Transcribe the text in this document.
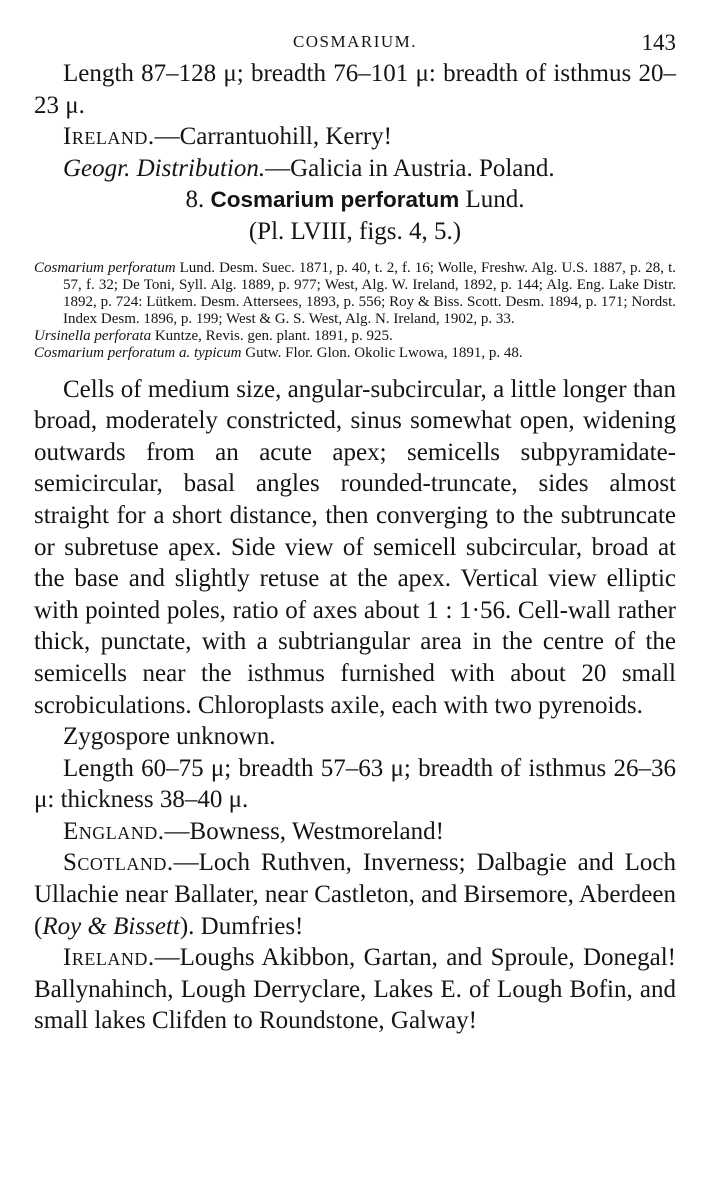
COSMARIUM.	143

Length 87–128 μ; breadth 76–101 μ: breadth of isthmus 20–23 μ.

Ireland.—Carrantuohill, Kerry!

Geogr. Distribution.—Galicia in Austria. Poland.

8. Cosmarium perforatum Lund.

(Pl. LVIII, figs. 4, 5.)

Cosmarium perforatum Lund. Desm. Suec. 1871, p. 40, t. 2, f. 16; Wolle, Freshw. Alg. U.S. 1887, p. 28, t. 57, f. 32; De Toni, Syll. Alg. 1889, p. 977; West, Alg. W. Ireland, 1892, p. 144; Alg. Eng. Lake Distr. 1892, p. 724: Lütkem. Desm. Attersees, 1893, p. 556; Roy & Biss. Scott. Desm. 1894, p. 171; Nordst. Index Desm. 1896, p. 199; West & G. S. West, Alg. N. Ireland, 1902, p. 33.

Ursinella perforata Kuntze, Revis. gen. plant. 1891, p. 925.

Cosmarium perforatum a. typicum Gutw. Flor. Glon. Okolic Lwowa, 1891, p. 48.

Cells of medium size, angular-subcircular, a little longer than broad, moderately constricted, sinus somewhat open, widening outwards from an acute apex; semicells subpyramidate-semicircular, basal angles rounded-truncate, sides almost straight for a short distance, then converging to the subtruncate or subretuse apex. Side view of semicell subcircular, broad at the base and slightly retuse at the apex. Vertical view elliptic with pointed poles, ratio of axes about 1 : 1·56. Cell-wall rather thick, punctate, with a subtriangular area in the centre of the semicells near the isthmus furnished with about 20 small scrobiculations. Chloroplasts axile, each with two pyrenoids.

Zygospore unknown.

Length 60–75 μ; breadth 57–63 μ; breadth of isthmus 26–36 μ: thickness 38–40 μ.

England.—Bowness, Westmoreland!

Scotland.—Loch Ruthven, Inverness; Dalbagie and Loch Ullachie near Ballater, near Castleton, and Birsemore, Aberdeen (Roy & Bissett). Dumfries!

Ireland.—Loughs Akibbon, Gartan, and Sproule, Donegal! Ballynahinch, Lough Derryclare, Lakes E. of Lough Bofin, and small lakes Clifden to Roundstone, Galway!
